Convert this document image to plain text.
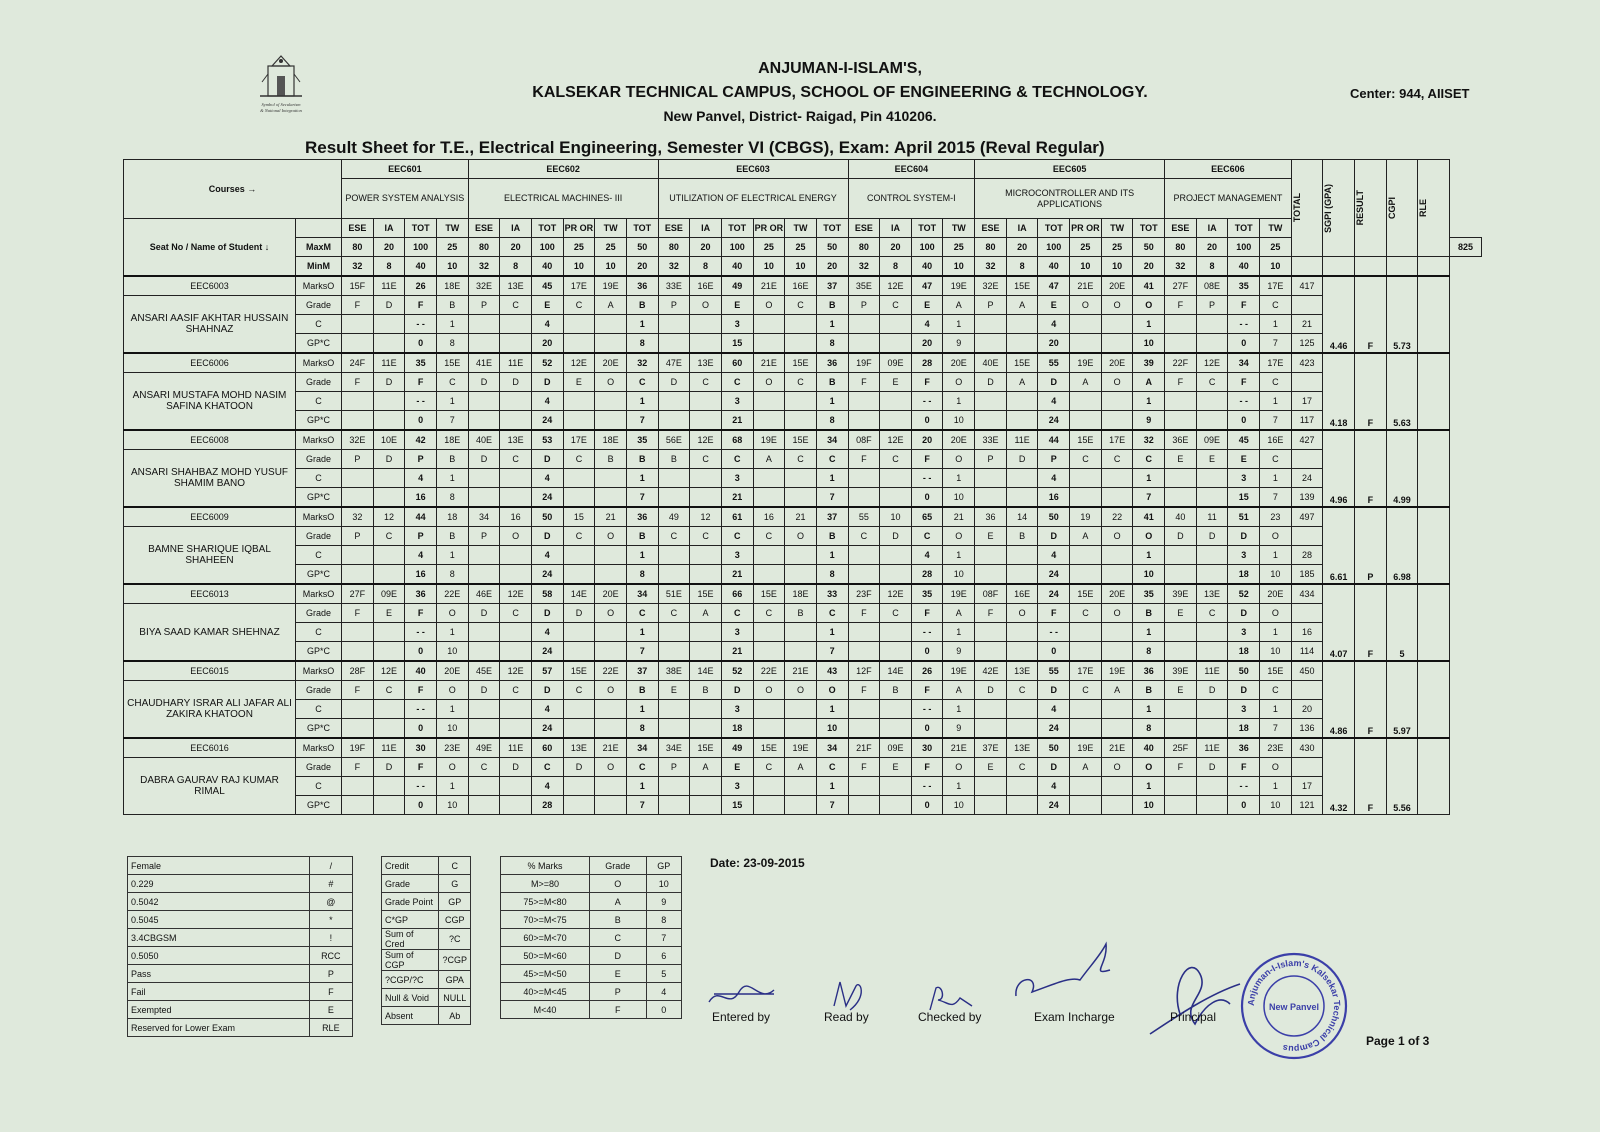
Symbol of Secularism
& National Integration
ANJUMAN-I-ISLAM'S,
KALSEKAR TECHNICAL CAMPUS, SCHOOL OF ENGINEERING & TECHNOLOGY.
New Panvel, District- Raigad, Pin 410206.
Center: 944, AIISET
Result Sheet for T.E., Electrical Engineering, Semester VI (CBGS), Exam: April 2015 (Reval Regular)
Courses →		EEC601				EEC602						EEC603						EEC604				EEC605						EEC606				TOTAL	SGPI (GPA)	RESULT	CGPI	RLE	

		POWER SYSTEM ANALYSIS				ELECTRICAL MACHINES- III						UTILIZATION OF ELECTRICAL ENERGY						CONTROL SYSTEM-I				MICROCONTROLLER AND ITS APPLICATIONS						PROJECT MANAGEMENT									
Seat No / Name of Student ↓		ESE	IA	TOT	TW	ESE	IA	TOT	PR OR	TW	TOT	ESE	IA	TOT	PR OR	TW	TOT	ESE	IA	TOT	TW	ESE	IA	TOT	PR OR	TW	TOT	ESE	IA	TOT	TW						
	MaxM	80	20	100	25	80	20	100	25	25	50	80	20	100	25	25	50	80	20	100	25	80	20	100	25	25	50	80	20	100	25						825
	MinM	32	8	40	10	32	8	40	10	10	20	32	8	40	10	10	20	32	8	40	10	32	8	40	10	10	20	32	8	40	10						
EEC6003	MarksO	15F	11E	26	18E	32E	13E	45	17E	19E	36	33E	16E	49	21E	16E	37	35E	12E	47	19E	32E	15E	47	21E	20E	41	27F	08E	35	17E	417	4.46	F	5.73		
ANSARI AASIF AKHTAR HUSSAIN SHAHNAZ	Grade	F	D	F	B	P	C	E	C	A	B	P	O	E	O	C	B	P	C	E	A	P	A	E	O	O	O	F	P	F	C						
	C			- -	1			4			1			3			1			4	1			4			1			- -	1	21					
	GP*C			0	8			20			8			15			8			20	9			20			10			0	7	125					
EEC6006	MarksO	24F	11E	35	15E	41E	11E	52	12E	20E	32	47E	13E	60	21E	15E	36	19F	09E	28	20E	40E	15E	55	19E	20E	39	22F	12E	34	17E	423	4.18	F	5.63		
ANSARI MUSTAFA MOHD NASIM SAFINA KHATOON	Grade	F	D	F	C	D	D	D	E	O	C	D	C	C	O	C	B	F	E	F	O	D	A	D	A	O	A	F	C	F	C						
	C			- -	1			4			1			3			1			- -	1			4			1			- -	1	17					
	GP*C			0	7			24			7			21			8			0	10			24			9			0	7	117					
EEC6008	MarksO	32E	10E	42	18E	40E	13E	53	17E	18E	35	56E	12E	68	19E	15E	34	08F	12E	20	20E	33E	11E	44	15E	17E	32	36E	09E	45	16E	427	4.96	F	4.99		
ANSARI SHAHBAZ MOHD YUSUF SHAMIM BANO	Grade	P	D	P	B	D	C	D	C	B	B	B	C	C	A	C	C	F	C	F	O	P	D	P	C	C	C	E	E	E	C						
	C			4	1			4			1			3			1			- -	1			4			1			3	1	24					
	GP*C			16	8			24			7			21			7			0	10			16			7			15	7	139					
EEC6009	MarksO	32	12	44	18	34	16	50	15	21	36	49	12	61	16	21	37	55	10	65	21	36	14	50	19	22	41	40	11	51	23	497	6.61	P	6.98		
BAMNE SHARIQUE IQBAL SHAHEEN	Grade	P	C	P	B	P	O	D	C	O	B	C	C	C	C	O	B	C	D	C	O	E	B	D	A	O	O	D	D	D	O						
	C			4	1			4			1			3			1			4	1			4			1			3	1	28					
	GP*C			16	8			24			8			21			8			28	10			24			10			18	10	185					
EEC6013	MarksO	27F	09E	36	22E	46E	12E	58	14E	20E	34	51E	15E	66	15E	18E	33	23F	12E	35	19E	08F	16E	24	15E	20E	35	39E	13E	52	20E	434	4.07	F	5		
BIYA SAAD KAMAR SHEHNAZ	Grade	F	E	F	O	D	C	D	D	O	C	C	A	C	C	B	C	F	C	F	A	F	O	F	C	O	B	E	C	D	O						
	C			- -	1			4			1			3			1			- -	1			- -			1			3	1	16					
	GP*C			0	10			24			7			21			7			0	9			0			8			18	10	114					
EEC6015	MarksO	28F	12E	40	20E	45E	12E	57	15E	22E	37	38E	14E	52	22E	21E	43	12F	14E	26	19E	42E	13E	55	17E	19E	36	39E	11E	50	15E	450	4.86	F	5.97		
CHAUDHARY ISRAR ALI JAFAR ALI ZAKIRA KHATOON	Grade	F	C	F	O	D	C	D	C	O	B	E	B	D	O	O	O	F	B	F	A	D	C	D	C	A	B	E	D	D	C						
	C			- -	1			4			1			3			1			- -	1			4			1			3	1	20					
	GP*C			0	10			24			8			18			10			0	9			24			8			18	7	136					
EEC6016	MarksO	19F	11E	30	23E	49E	11E	60	13E	21E	34	34E	15E	49	15E	19E	34	21F	09E	30	21E	37E	13E	50	19E	21E	40	25F	11E	36	23E	430	4.32	F	5.56		
DABRA GAURAV RAJ KUMAR RIMAL	Grade	F	D	F	O	C	D	C	D	O	C	P	A	E	C	A	C	F	E	F	O	E	C	D	A	O	O	F	D	F	O						
	C			- -	1			4			1			3			1			- -	1			4			1			- -	1	17					
	GP*C			0	10			28			7			15			7			0	10			24			10			0	10	121					
Female	/
0.229	#
0.5042	@
0.5045	*
3.4CBGSM	!
0.5050	RCC
Pass	P
Fail	F
Exempted	E
Reserved for Lower Exam	RLE
Credit	C
Grade	G
Grade Point	GP
C*GP	CGP
Sum of Cred	?C
Sum of CGP	?CGP
?CGP/?C	GPA
Null & Void	NULL
Absent	Ab
% Marks	Grade	GP
M>=80	O	10
75>=M<80	A	9
70>=M<75	B	8
60>=M<70	C	7
50>=M<60	D	6
45>=M<50	E	5
40>=M<45	P	4
M<40	F	0
Date: 23-09-2015
Entered by	Read by	Checked by	Exam Incharge	Principal
Anjuman-I-Islam's Kalsekar Technical Campus
New Panvel
Page 1 of 3
